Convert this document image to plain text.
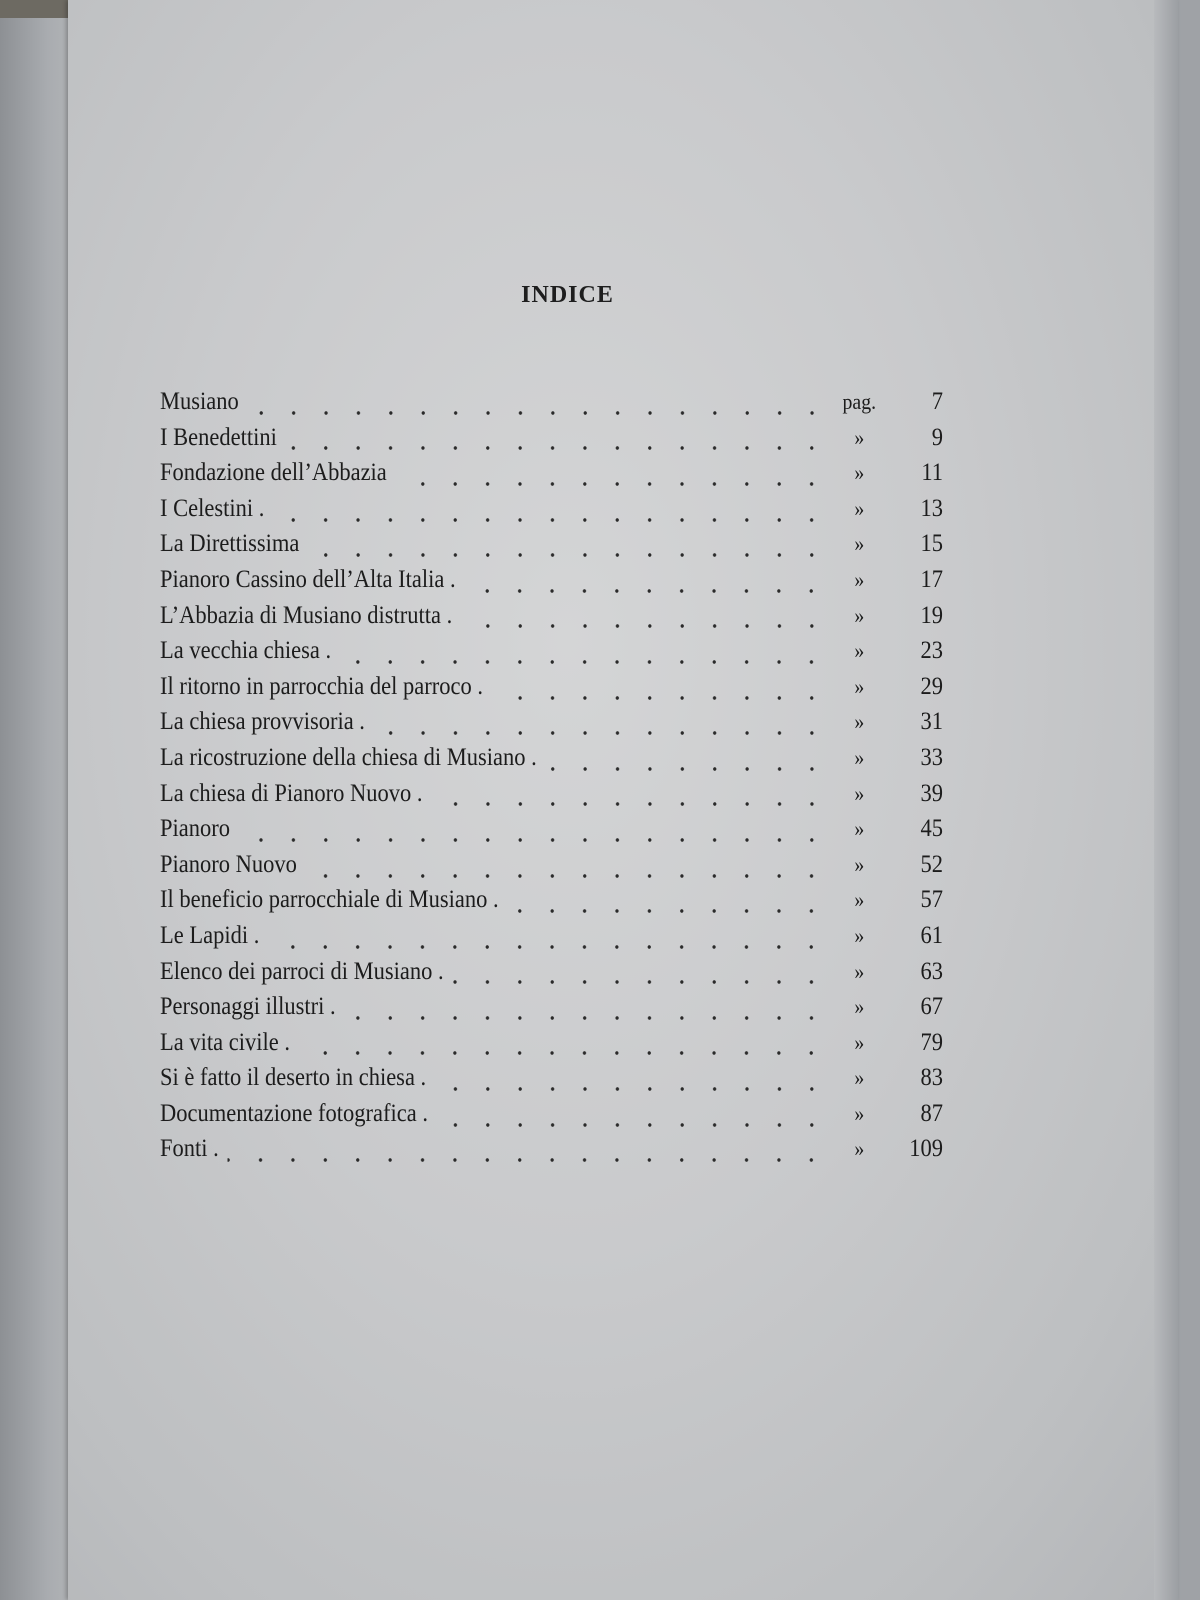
INDICE
Musiano	pag.	7
I Benedettini	»	9
Fondazione dell’Abbazia	»	11
I Celestini .	»	13
La Direttissima	»	15
Pianoro Cassino dell’Alta Italia .	»	17
L’Abbazia di Musiano distrutta .	»	19
La vecchia chiesa .	»	23
Il ritorno in parrocchia del parroco .	»	29
La chiesa provvisoria .	»	31
La ricostruzione della chiesa di Musiano .	»	33
La chiesa di Pianoro Nuovo .	»	39
Pianoro	»	45
Pianoro Nuovo	»	52
Il beneficio parrocchiale di Musiano .	»	57
Le Lapidi .	»	61
Elenco dei parroci di Musiano .	»	63
Personaggi illustri .	»	67
La vita civile .	»	79
Si è fatto il deserto in chiesa .	»	83
Documentazione fotografica .	»	87
Fonti .	»	109
